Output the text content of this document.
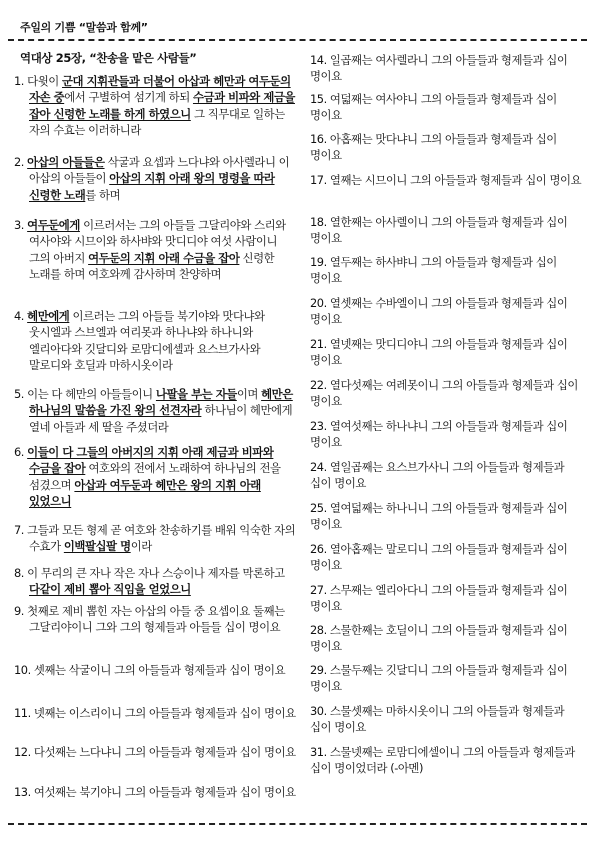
주일의 기쁨 “말씀과 함께”
역대상 25장, “찬송을 맡은 사람들”

1. 다윗이 군대 지휘관들과 더불어 아삽과 헤만과 여두둔의 자손 중에서 구별하여 섬기게 하되 수금과 비파와 제금을 잡아 신령한 노래를 하게 하였으니 그 직무대로 일하는 자의 수효는 이러하니라

2. 아삽의 아들들은 삭굴과 요셉과 느다냐와 아사렐라니 이 아삽의 아들들이 아삽의 지휘 아래 왕의 명령을 따라 신령한 노래를 하며

3. 여두둔에게 이르러서는 그의 아들들 그달리야와 스리와 여사야와 시므이와 하사뱌와 맛디디야 여섯 사람이니 그의 아버지 여두둔의 지휘 아래 수금을 잡아 신령한 노래를 하며 여호와께 감사하며 찬양하며

4. 헤만에게 이르러는 그의 아들들 북기야와 맛다냐와 웃시엘과 스브엘과 여리못과 하나냐와 하나니와 엘리아다와 깃달디와 로맘디에셀과 요스브가사와 말로디와 호딜과 마하시옷이라

5. 이는 다 헤만의 아들들이니 나팔을 부는 자들이며 헤만은 하나님의 말씀을 가진 왕의 선견자라 하나님이 헤만에게 열네 아들과 세 딸을 주셨더라

6. 이들이 다 그들의 아버지의 지휘 아래 제금과 비파와 수금을 잡아 여호와의 전에서 노래하여 하나님의 전을 섬겼으며 아삽과 여두둔과 헤만은 왕의 지휘 아래 있었으니

7. 그들과 모든 형제 곧 여호와 찬송하기를 배워 익숙한 자의 수효가 이백팔십팔 명이라

8. 이 무리의 큰 자나 작은 자나 스승이나 제자를 막론하고 다같이 제비 뽑아 직임을 얻었으니

9. 첫째로 제비 뽑힌 자는 아삽의 아들 중 요셉이요 둘째는 그달리야이니 그와 그의 형제들과 아들들 십이 명이요

10. 셋째는 삭굴이니 그의 아들들과 형제들과 십이 명이요

11. 넷째는 이스리이니 그의 아들들과 형제들과 십이 명이요

12. 다섯째는 느다냐니 그의 아들들과 형제들과 십이 명이요

13. 여섯째는 북기야니 그의 아들들과 형제들과 십이 명이요

14. 일곱째는 여사렐라니 그의 아들들과 형제들과 십이 명이요

15. 여덟째는 여사야니 그의 아들들과 형제들과 십이 명이요

16. 아홉째는 맛다냐니 그의 아들들과 형제들과 십이 명이요

17. 열째는 시므이니 그의 아들들과 형제들과 십이 명이요

18. 열한째는 아사렐이니 그의 아들들과 형제들과 십이 명이요

19. 열두째는 하사뱌니 그의 아들들과 형제들과 십이 명이요

20. 열셋째는 수바엘이니 그의 아들들과 형제들과 십이 명이요

21. 열넷째는 맛디디야니 그의 아들들과 형제들과 십이 명이요

22. 열다섯째는 여레못이니 그의 아들들과 형제들과 십이 명이요

23. 열여섯째는 하나냐니 그의 아들들과 형제들과 십이 명이요

24. 열일곱째는 요스브가사니 그의 아들들과 형제들과 십이 명이요

25. 열여덟째는 하나니니 그의 아들들과 형제들과 십이 명이요

26. 열아홉째는 말로디니 그의 아들들과 형제들과 십이 명이요

27. 스무째는 엘리아다니 그의 아들들과 형제들과 십이 명이요

28. 스물한째는 호딜이니 그의 아들들과 형제들과 십이 명이요

29. 스물두째는 깃달디니 그의 아들들과 형제들과 십이 명이요

30. 스물셋째는 마하시옷이니 그의 아들들과 형제들과 십이 명이요

31. 스물넷째는 로맘디에셀이니 그의 아들들과 형제들과 십이 명이었더라 (-아멘)
